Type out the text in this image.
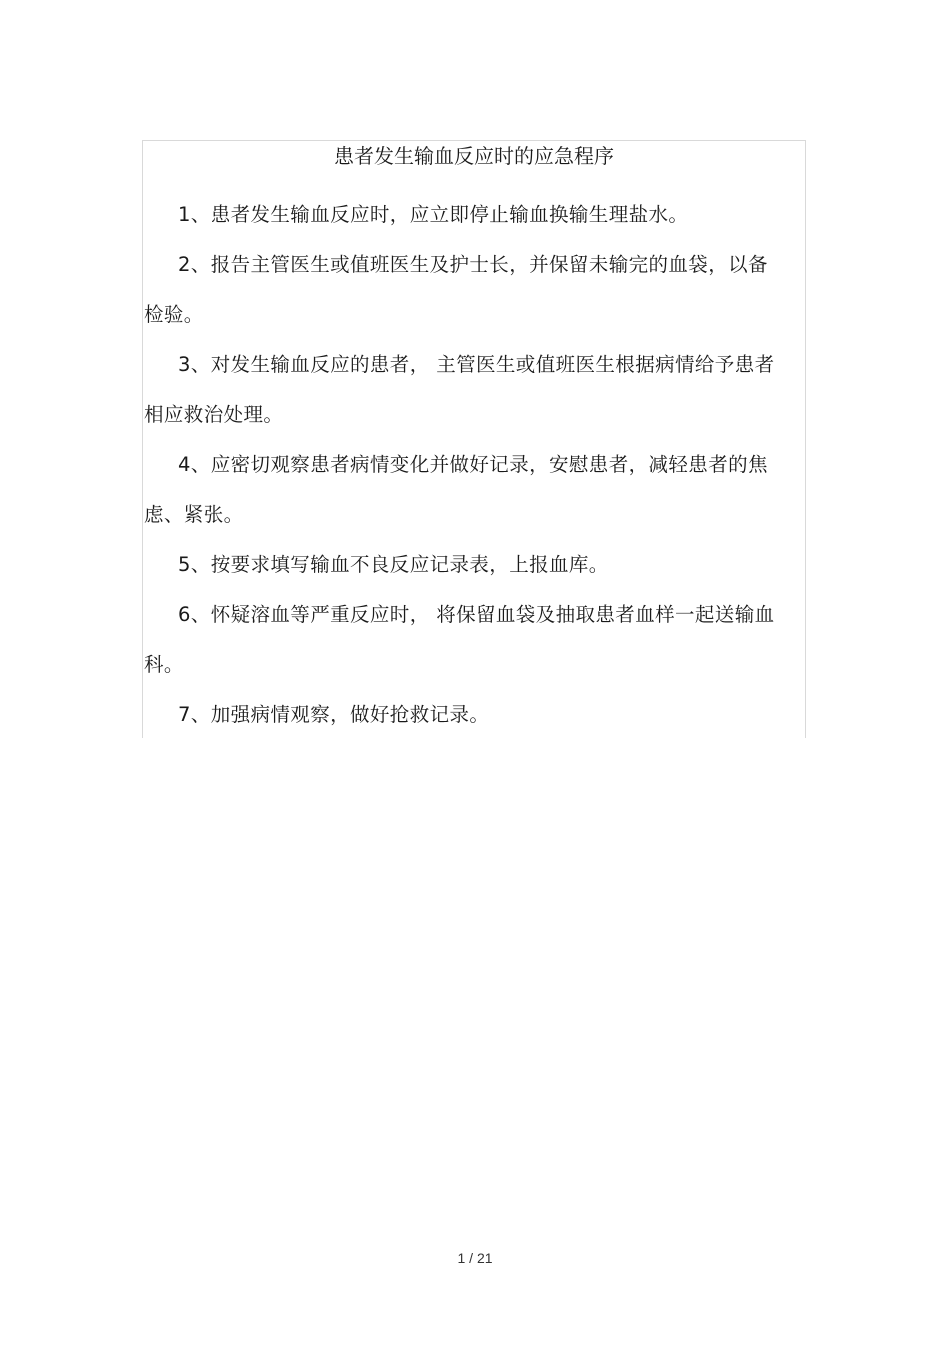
患者发生输血反应时的应急程序

1、患者发生输血反应时，应立即停止输血换输生理盐水。

2、报告主管医生或值班医生及护士长，并保留未输完的血袋，以备检验。

3、对发生输血反应的患者， 主管医生或值班医生根据病情给予患者相应救治处理。

4、应密切观察患者病情变化并做好记录，安慰患者，减轻患者的焦虑、紧张。

5、按要求填写输血不良反应记录表，上报血库。

6、怀疑溶血等严重反应时， 将保留血袋及抽取患者血样一起送输血科。

7、加强病情观察，做好抢救记录。

1 / 21
